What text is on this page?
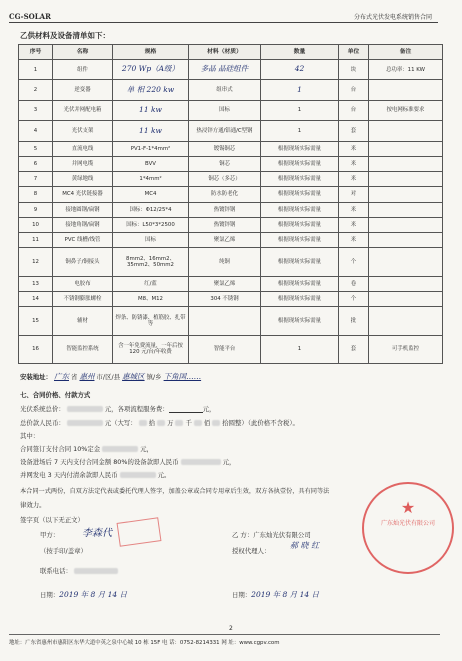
CG-SOLAR	分布式光伏发电系统销售合同
乙供材料及设备清单如下：
序号	名称	规格	材料（材质）	数量	单位	备注
1	组件	270 Wp（A级）	多晶 晶硅组件	42	块	总功率：11 KW
2	逆变器	单 相 220 kw	组串式	1	台	
3	光伏并网配电箱	11 kw	国标	1	台	按电网标准要求
4	光伏支架	11 kw	热浸锌方通/铝通/C型钢	1	套	
5	直流电线	PV1-F-1*4mm²	镀锡铜芯	根据现场实际需量	米	
6	并网电缆	BVV	铜芯	根据现场实际需量	米	
7	黄绿地线	1*4mm²	铜芯（多芯）	根据现场实际需量	米	
8	MC4 光伏链接器	MC4	防水防老化	根据现场实际需量	对	
9	接地圆钢/扁钢	国标：Φ12/25*4	热镀锌钢	根据现场实际需量	米	
10	接地角钢/扁钢	国标：L50*3*2500	热镀锌钢	根据现场实际需量	米	
11	PVC 线槽/线管	国标	聚氯乙烯	根据现场实际需量	米	
12	铜鼻子/铜接头	8mm2、16mm2、35mm2、50mm2	纯铜	根据现场实际需量	个	
13	电胶布	红/蓝	聚氯乙烯	根据现场实际需量	卷	
14	不锈钢膨胀螺栓	M8、M12	304 不锈钢	根据现场实际需量	个	
15	辅材	焊条、防锈漆、植筋胶、扎带等		根据现场实际需量	批	
16	智能监控系统	含一年免费流量，一年后按 120 元/台/年收费	智能平台	1	套	可手机监控
安装地址： 广东 省 惠州 市/区/县 惠城区 镇/乡 下角国……
七、合同价格、付款方式
光伏系统总价：	元，各项流程服务费：	元，
总价款人民币：	元（大写： 拾 万 千 佰 拾圆整）（此价格不含税）。
其中：
合同签订支付合同 10%定金	元，
设备进场后 7 天内支付合同金额 80%的设备款即人民币	元，
并网发电 3 天内付清余款即人民币	元。
本合同一式两份，自双方法定代表或委托代理人签字，加盖公章或合同专用章后生效，双方各执壹份，具有同等法
律效力。
签字页（以下无正文）
甲方： 李森代
（按手印/盖章）
联系电话：
日期：2019 年 8 月 14 日
乙 方：广东灿光伏有限公司
授权代理人：
郝 晓 红
日期：2019 年 8 月 14 日
★
广东灿光伏有限公司
2
地址：广东省惠州市惠阳区东华大道中英之泉中心城 10 栋 15F 电 话：0752-8214331 网 址：www.cgpv.com
